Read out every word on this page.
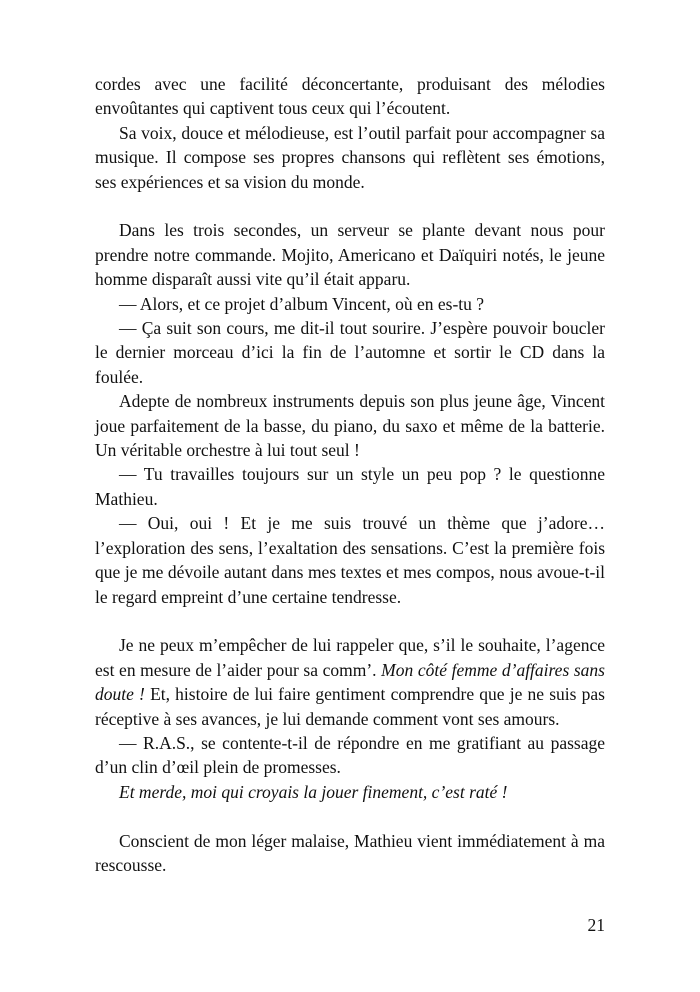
cordes avec une facilité déconcertante, produisant des mélodies envoûtantes qui captivent tous ceux qui l’écoutent.

Sa voix, douce et mélodieuse, est l’outil parfait pour accompagner sa musique. Il compose ses propres chansons qui reflètent ses émotions, ses expériences et sa vision du monde.

Dans les trois secondes, un serveur se plante devant nous pour prendre notre commande. Mojito, Americano et Daïquiri notés, le jeune homme disparaît aussi vite qu’il était apparu.

— Alors, et ce projet d’album Vincent, où en es-tu ?

— Ça suit son cours, me dit-il tout sourire. J’espère pouvoir boucler le dernier morceau d’ici la fin de l’automne et sortir le CD dans la foulée.

Adepte de nombreux instruments depuis son plus jeune âge, Vincent joue parfaitement de la basse, du piano, du saxo et même de la batterie. Un véritable orchestre à lui tout seul !

— Tu travailles toujours sur un style un peu pop ? le questionne Mathieu.

— Oui, oui ! Et je me suis trouvé un thème que j’adore… l’exploration des sens, l’exaltation des sensations. C’est la première fois que je me dévoile autant dans mes textes et mes compos, nous avoue-t-il le regard empreint d’une certaine tendresse.

Je ne peux m’empêcher de lui rappeler que, s’il le souhaite, l’agence est en mesure de l’aider pour sa comm’. Mon côté femme d’affaires sans doute ! Et, histoire de lui faire gentiment comprendre que je ne suis pas réceptive à ses avances, je lui demande comment vont ses amours.

— R.A.S., se contente-t-il de répondre en me gratifiant au passage d’un clin d’œil plein de promesses.

Et merde, moi qui croyais la jouer finement, c’est raté !

Conscient de mon léger malaise, Mathieu vient immédiatement à ma rescousse.

21
